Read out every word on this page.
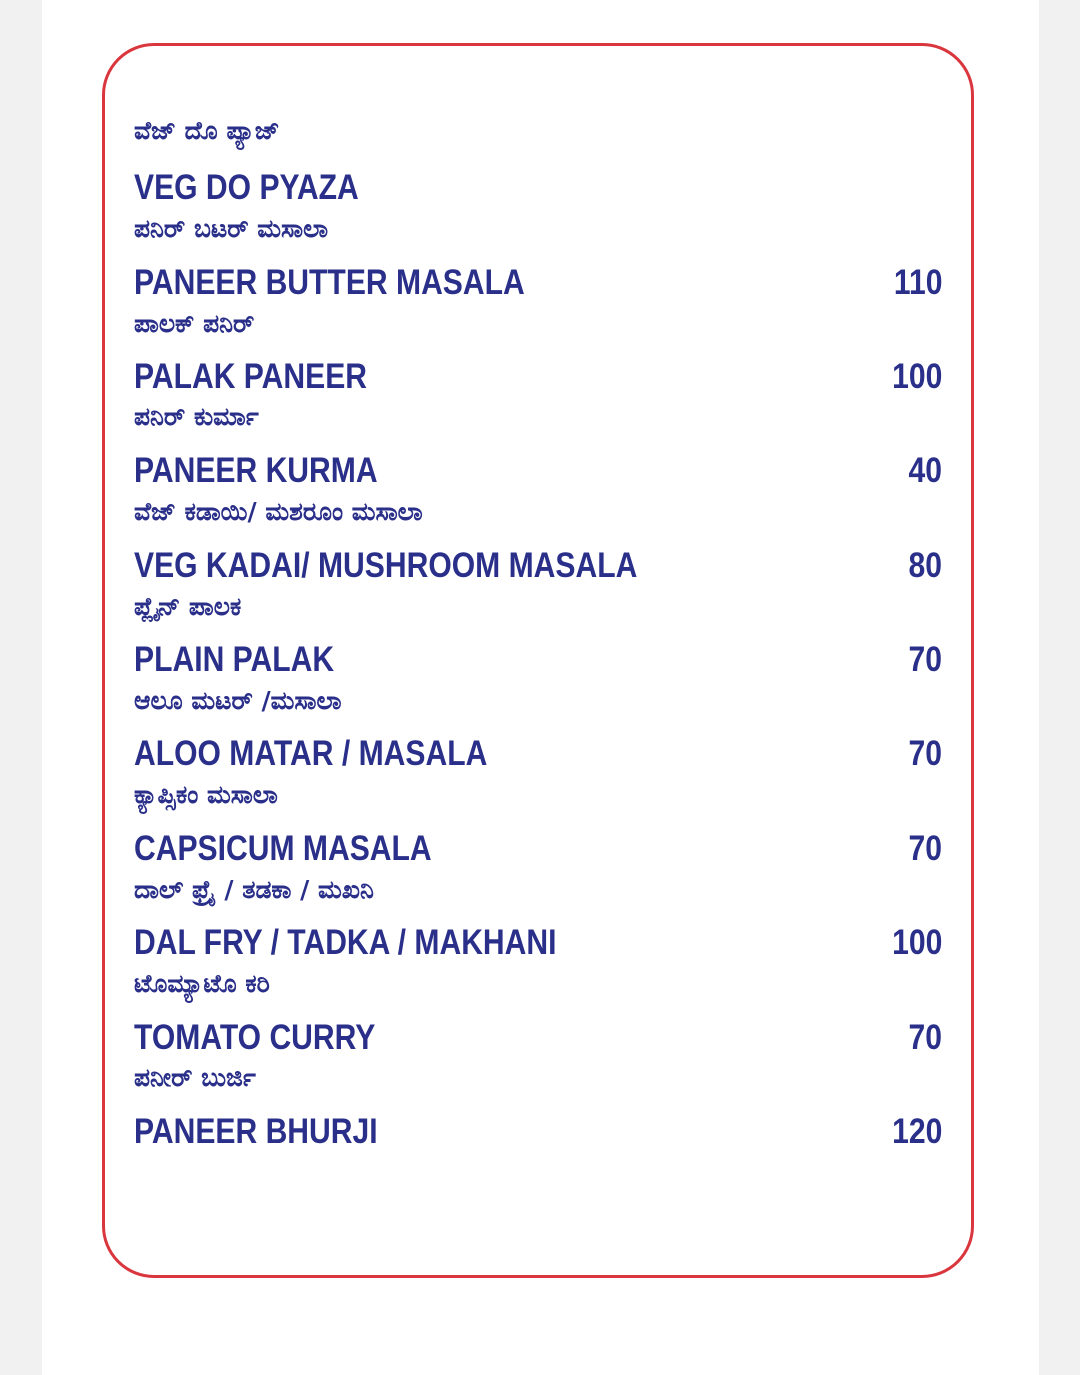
ವೆಜ್ ದೊ ಪ್ಯಾಜ್
VEG DO PYAZA
ಪನಿರ್ ಬಟರ್ ಮಸಾಲಾ
PANEER BUTTER MASALA	110
ಪಾಲಕ್ ಪನಿರ್
PALAK PANEER	100
ಪನಿರ್ ಕುರ್ಮಾ
PANEER KURMA	40
ವೆಜ್ ಕಡಾಯಿ/ ಮಶರೂಂ ಮಸಾಲಾ
VEG KADAI/ MUSHROOM MASALA	80
ಪ್ಲೈನ್ ಪಾಲಕ
PLAIN PALAK	70
ಆಲೂ ಮಟರ್ /ಮಸಾಲಾ
ALOO MATAR / MASALA	70
ಕ್ಯಾಪ್ಸಿಕಂ ಮಸಾಲಾ
CAPSICUM MASALA	70
ದಾಲ್ ಫ್ರೈ / ತಡಕಾ / ಮಖನಿ
DAL FRY / TADKA / MAKHANI	100
ಟೊಮ್ಯಾಟೊ ಕರಿ
TOMATO CURRY	70
ಪನೀರ್ ಬುರ್ಜಿ
PANEER BHURJI	120
